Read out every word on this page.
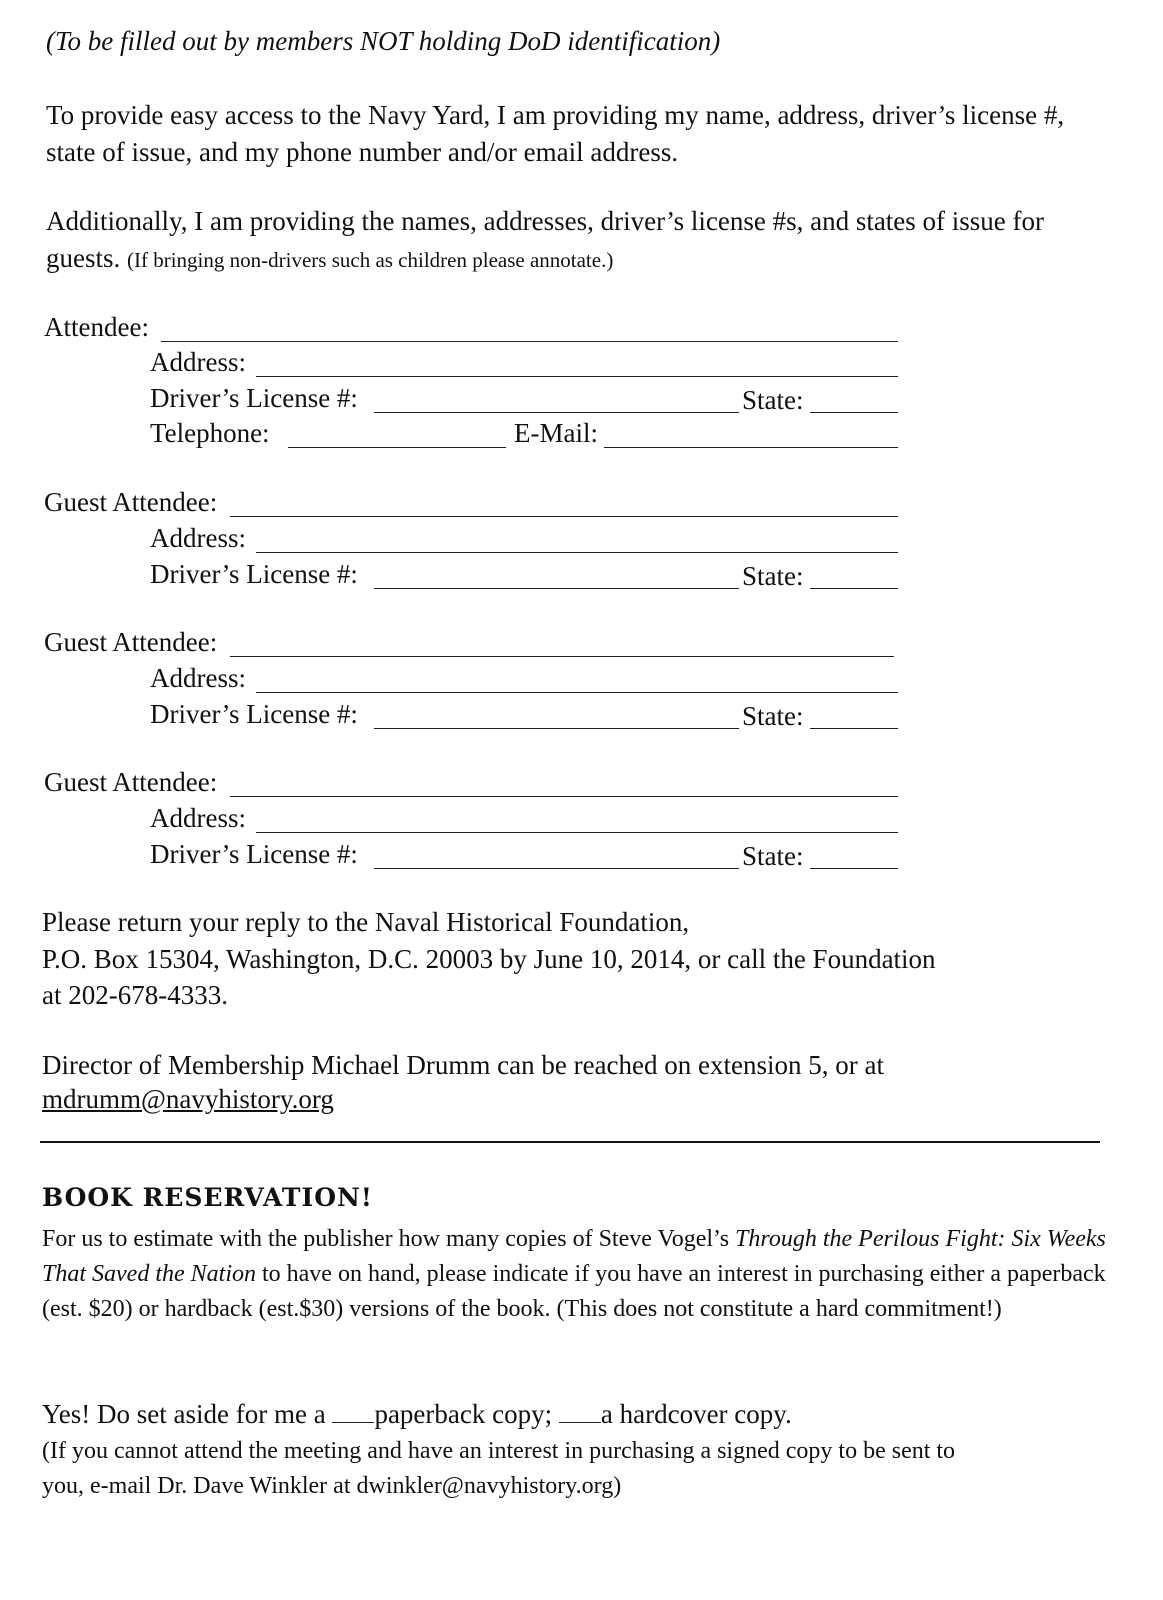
(To be filled out by members NOT holding DoD identification)
To provide easy access to the Navy Yard, I am providing my name, address, driver’s license #, state of issue, and my phone number and/or email address.
Additionally, I am providing the names, addresses, driver’s license #s, and states of issue for guests. (If bringing non-drivers such as children please annotate.)
Attendee:
Address:
Driver’s License #:	State:
Telephone:	E-Mail:
Guest Attendee:
Address:
Driver’s License #:	State:
Guest Attendee:
Address:
Driver’s License #:	State:
Guest Attendee:
Address:
Driver’s License #:	State:
Please return your reply to the Naval Historical Foundation,
P.O. Box 15304, Washington, D.C. 20003 by June 10, 2014, or call the Foundation
at 202-678-4333.
Director of Membership Michael Drumm can be reached on extension 5, or at
mdrumm@navyhistory.org
BOOK RESERVATION!
For us to estimate with the publisher how many copies of Steve Vogel’s Through the Perilous Fight: Six Weeks That Saved the Nation to have on hand, please indicate if you have an interest in purchasing either a paperback (est. $20) or hardback (est.$30) versions of the book. (This does not constitute a hard commitment!)
Yes! Do set aside for me a paperback copy; a hardcover copy.
(If you cannot attend the meeting and have an interest in purchasing a signed copy to be sent to you, e-mail Dr. Dave Winkler at dwinkler@navyhistory.org)
